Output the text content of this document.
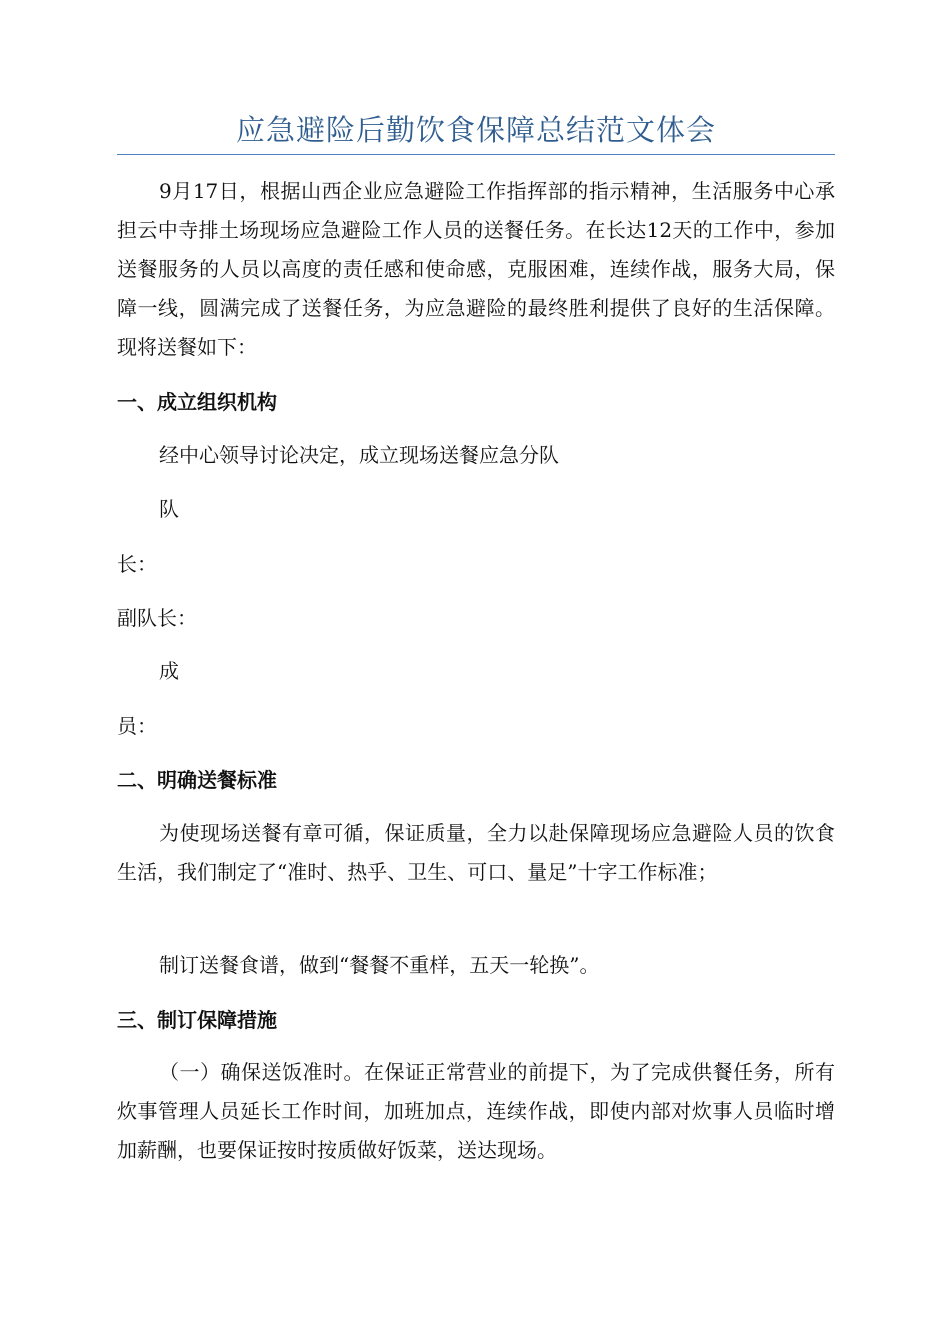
应急避险后勤饮食保障总结范文体会

9月17日，根据山西企业应急避险工作指挥部的指示精神，生活服务中心承担云中寺排土场现场应急避险工作人员的送餐任务。在长达12天的工作中，参加送餐服务的人员以高度的责任感和使命感，克服困难，连续作战，服务大局，保障一线，圆满完成了送餐任务，为应急避险的最终胜利提供了良好的生活保障。现将送餐如下：

一、成立组织机构

经中心领导讨论决定，成立现场送餐应急分队

队

长：

副队长：

成

员：

二、明确送餐标准

为使现场送餐有章可循，保证质量，全力以赴保障现场应急避险人员的饮食生活，我们制定了“准时、热乎、卫生、可口、量足”十字工作标准；

制订送餐食谱，做到“餐餐不重样，五天一轮换”。

三、制订保障措施

（一）确保送饭准时。在保证正常营业的前提下，为了完成供餐任务，所有炊事管理人员延长工作时间，加班加点，连续作战，即使内部对炊事人员临时增加薪酬，也要保证按时按质做好饭菜，送达现场。
